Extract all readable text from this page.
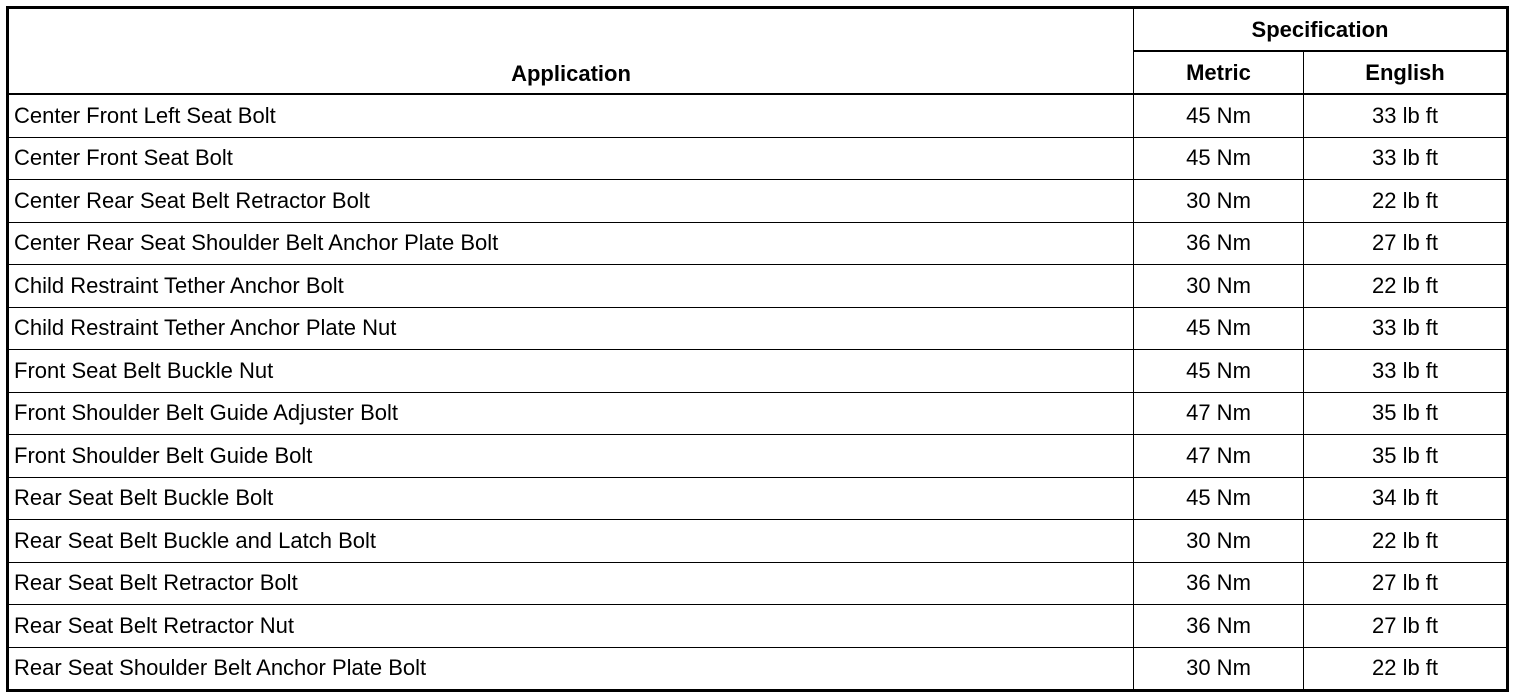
Application	Specification	
	Metric	English
Center Front Left Seat Bolt	45 Nm	33 lb ft
Center Front Seat Bolt	45 Nm	33 lb ft
Center Rear Seat Belt Retractor Bolt	30 Nm	22 lb ft
Center Rear Seat Shoulder Belt Anchor Plate Bolt	36 Nm	27 lb ft
Child Restraint Tether Anchor Bolt	30 Nm	22 lb ft
Child Restraint Tether Anchor Plate Nut	45 Nm	33 lb ft
Front Seat Belt Buckle Nut	45 Nm	33 lb ft
Front Shoulder Belt Guide Adjuster Bolt	47 Nm	35 lb ft
Front Shoulder Belt Guide Bolt	47 Nm	35 lb ft
Rear Seat Belt Buckle Bolt	45 Nm	34 lb ft
Rear Seat Belt Buckle and Latch Bolt	30 Nm	22 lb ft
Rear Seat Belt Retractor Bolt	36 Nm	27 lb ft
Rear Seat Belt Retractor Nut	36 Nm	27 lb ft
Rear Seat Shoulder Belt Anchor Plate Bolt	30 Nm	22 lb ft
